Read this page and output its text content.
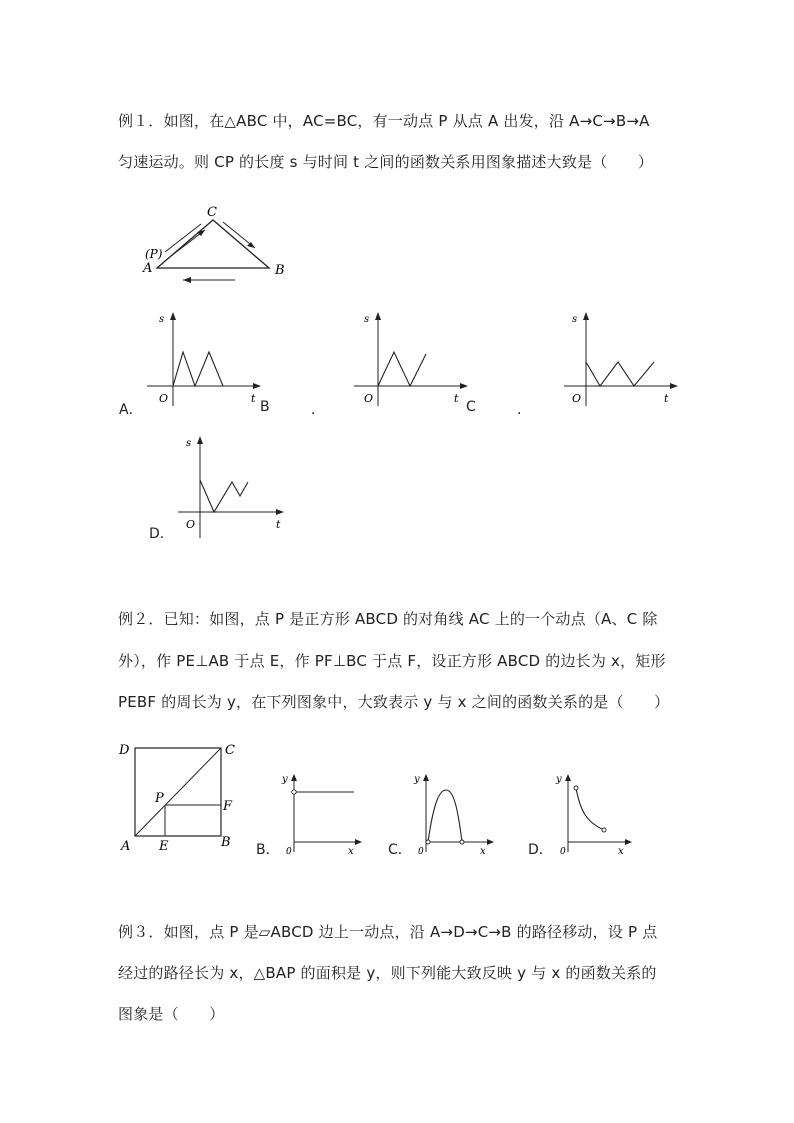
例１．如图，在△ABC 中，AC=BC，有一动点 P 从点 A 出发，沿 A→C→B→A
匀速运动。则 CP 的长度 s 与时间 t 之间的函数关系用图象描述大致是（　　）
A	B
C
(P)
s
O	t
A．
s
O	t
B	．
s
O	t
C	．
s
O	t
D．
例２．已知：如图，点 P 是正方形 ABCD 的对角线 AC 上的一个动点（A、C 除
外），作 PE⊥AB 于点 E，作 PF⊥BC 于点 F，设正方形 ABCD 的边长为 x，矩形
PEBF 的周长为 y，在下列图象中，大致表示 y 与 x 之间的函数关系的是（　　）
D	C
A	B
P
E
F
y
0	x
B．
y
0	x
C．
y
0	x
D．
例３．如图，点 P 是▱ABCD 边上一动点，沿 A→D→C→B 的路径移动，设 P 点
经过的路径长为 x，△BAP 的面积是 y，则下列能大致反映 y 与 x 的函数关系的
图象是（　　）
